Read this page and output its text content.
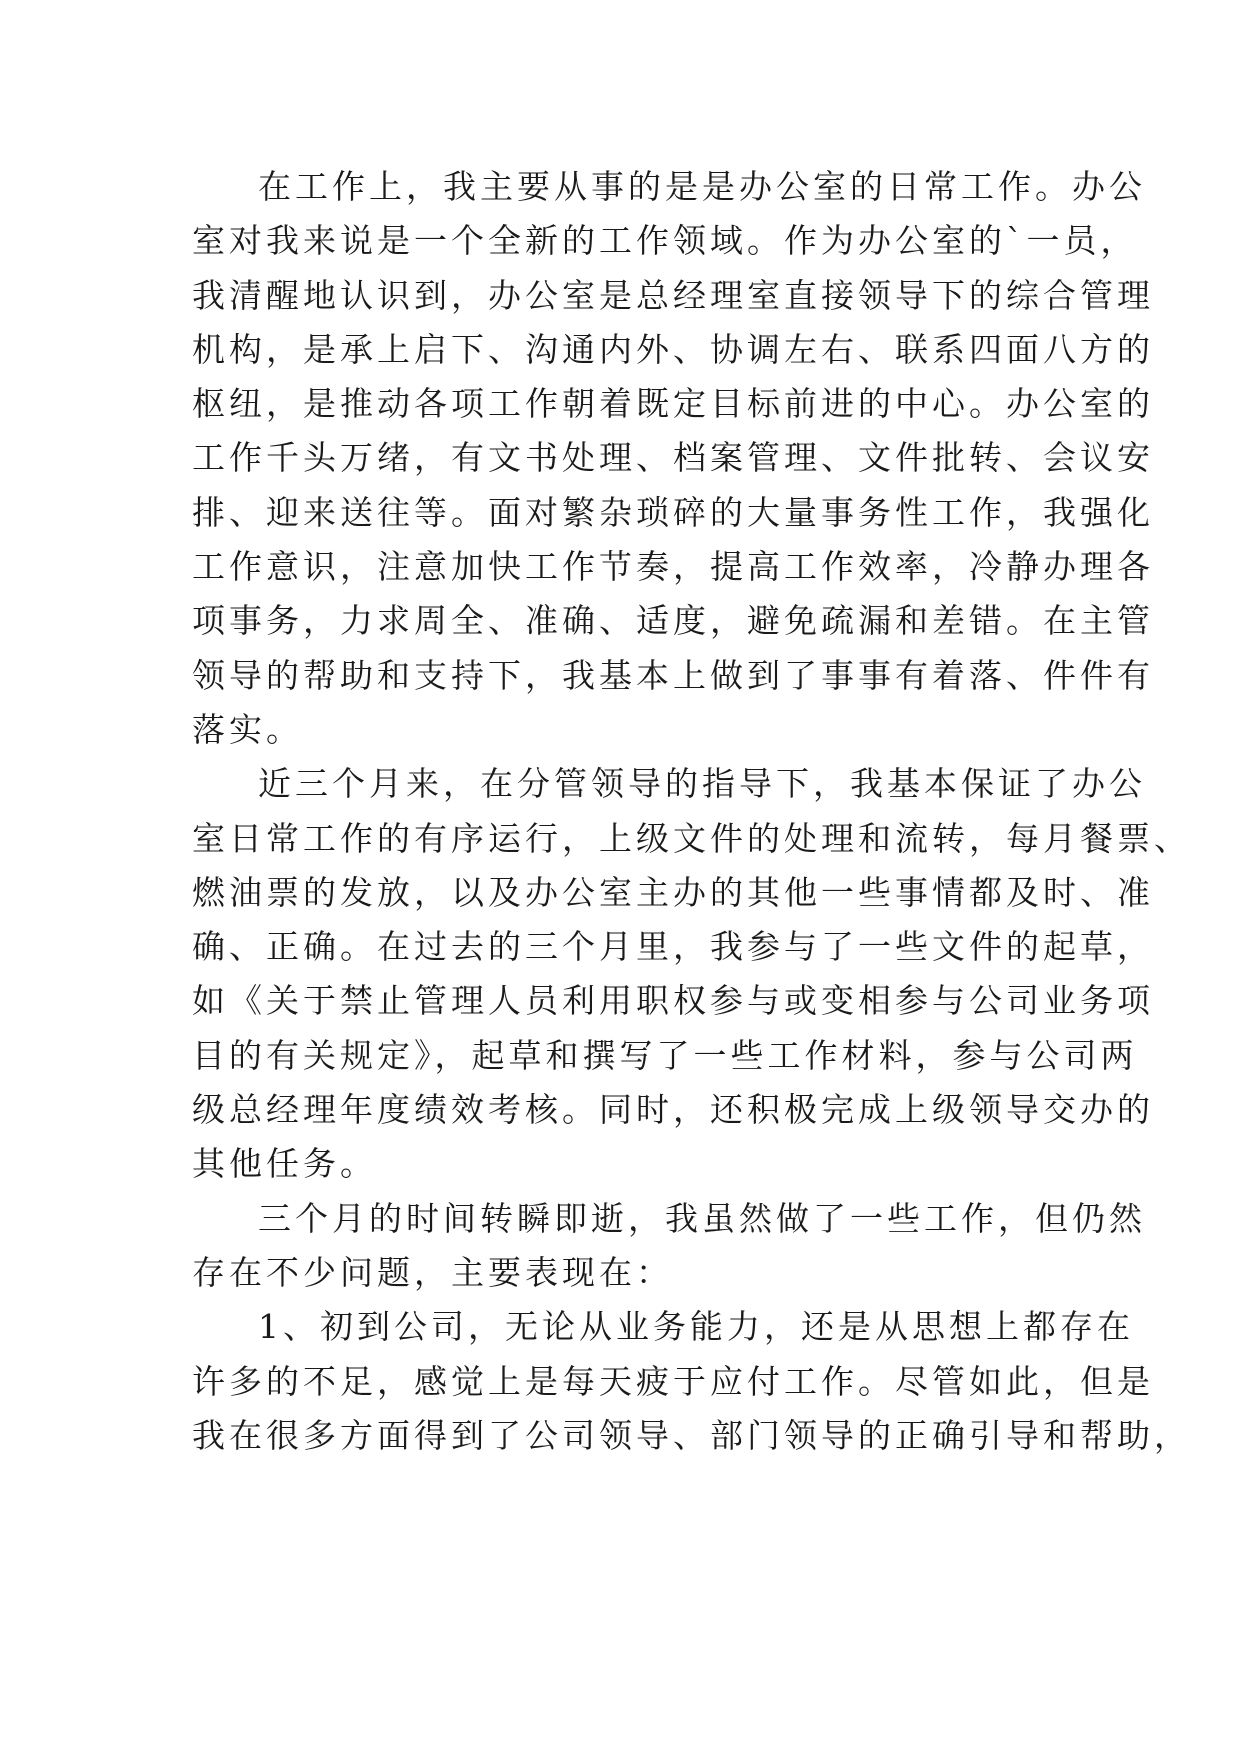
在工作上，我主要从事的是是办公室的日常工作。办公
室对我来说是一个全新的工作领域。作为办公室的`一员，
我清醒地认识到，办公室是总经理室直接领导下的综合管理
机构，是承上启下、沟通内外、协调左右、联系四面八方的
枢纽，是推动各项工作朝着既定目标前进的中心。办公室的
工作千头万绪，有文书处理、档案管理、文件批转、会议安
排、迎来送往等。面对繁杂琐碎的大量事务性工作，我强化
工作意识，注意加快工作节奏，提高工作效率，冷静办理各
项事务，力求周全、准确、适度，避免疏漏和差错。在主管
领导的帮助和支持下，我基本上做到了事事有着落、件件有
落实。

近三个月来，在分管领导的指导下，我基本保证了办公
室日常工作的有序运行，上级文件的处理和流转，每月餐票、
燃油票的发放，以及办公室主办的其他一些事情都及时、准
确、正确。在过去的三个月里，我参与了一些文件的起草，
如《关于禁止管理人员利用职权参与或变相参与公司业务项
目的有关规定》，起草和撰写了一些工作材料，参与公司两
级总经理年度绩效考核。同时，还积极完成上级领导交办的
其他任务。

三个月的时间转瞬即逝，我虽然做了一些工作，但仍然
存在不少问题，主要表现在：

1、初到公司，无论从业务能力，还是从思想上都存在
许多的不足，感觉上是每天疲于应付工作。尽管如此，但是
我在很多方面得到了公司领导、部门领导的正确引导和帮助，
